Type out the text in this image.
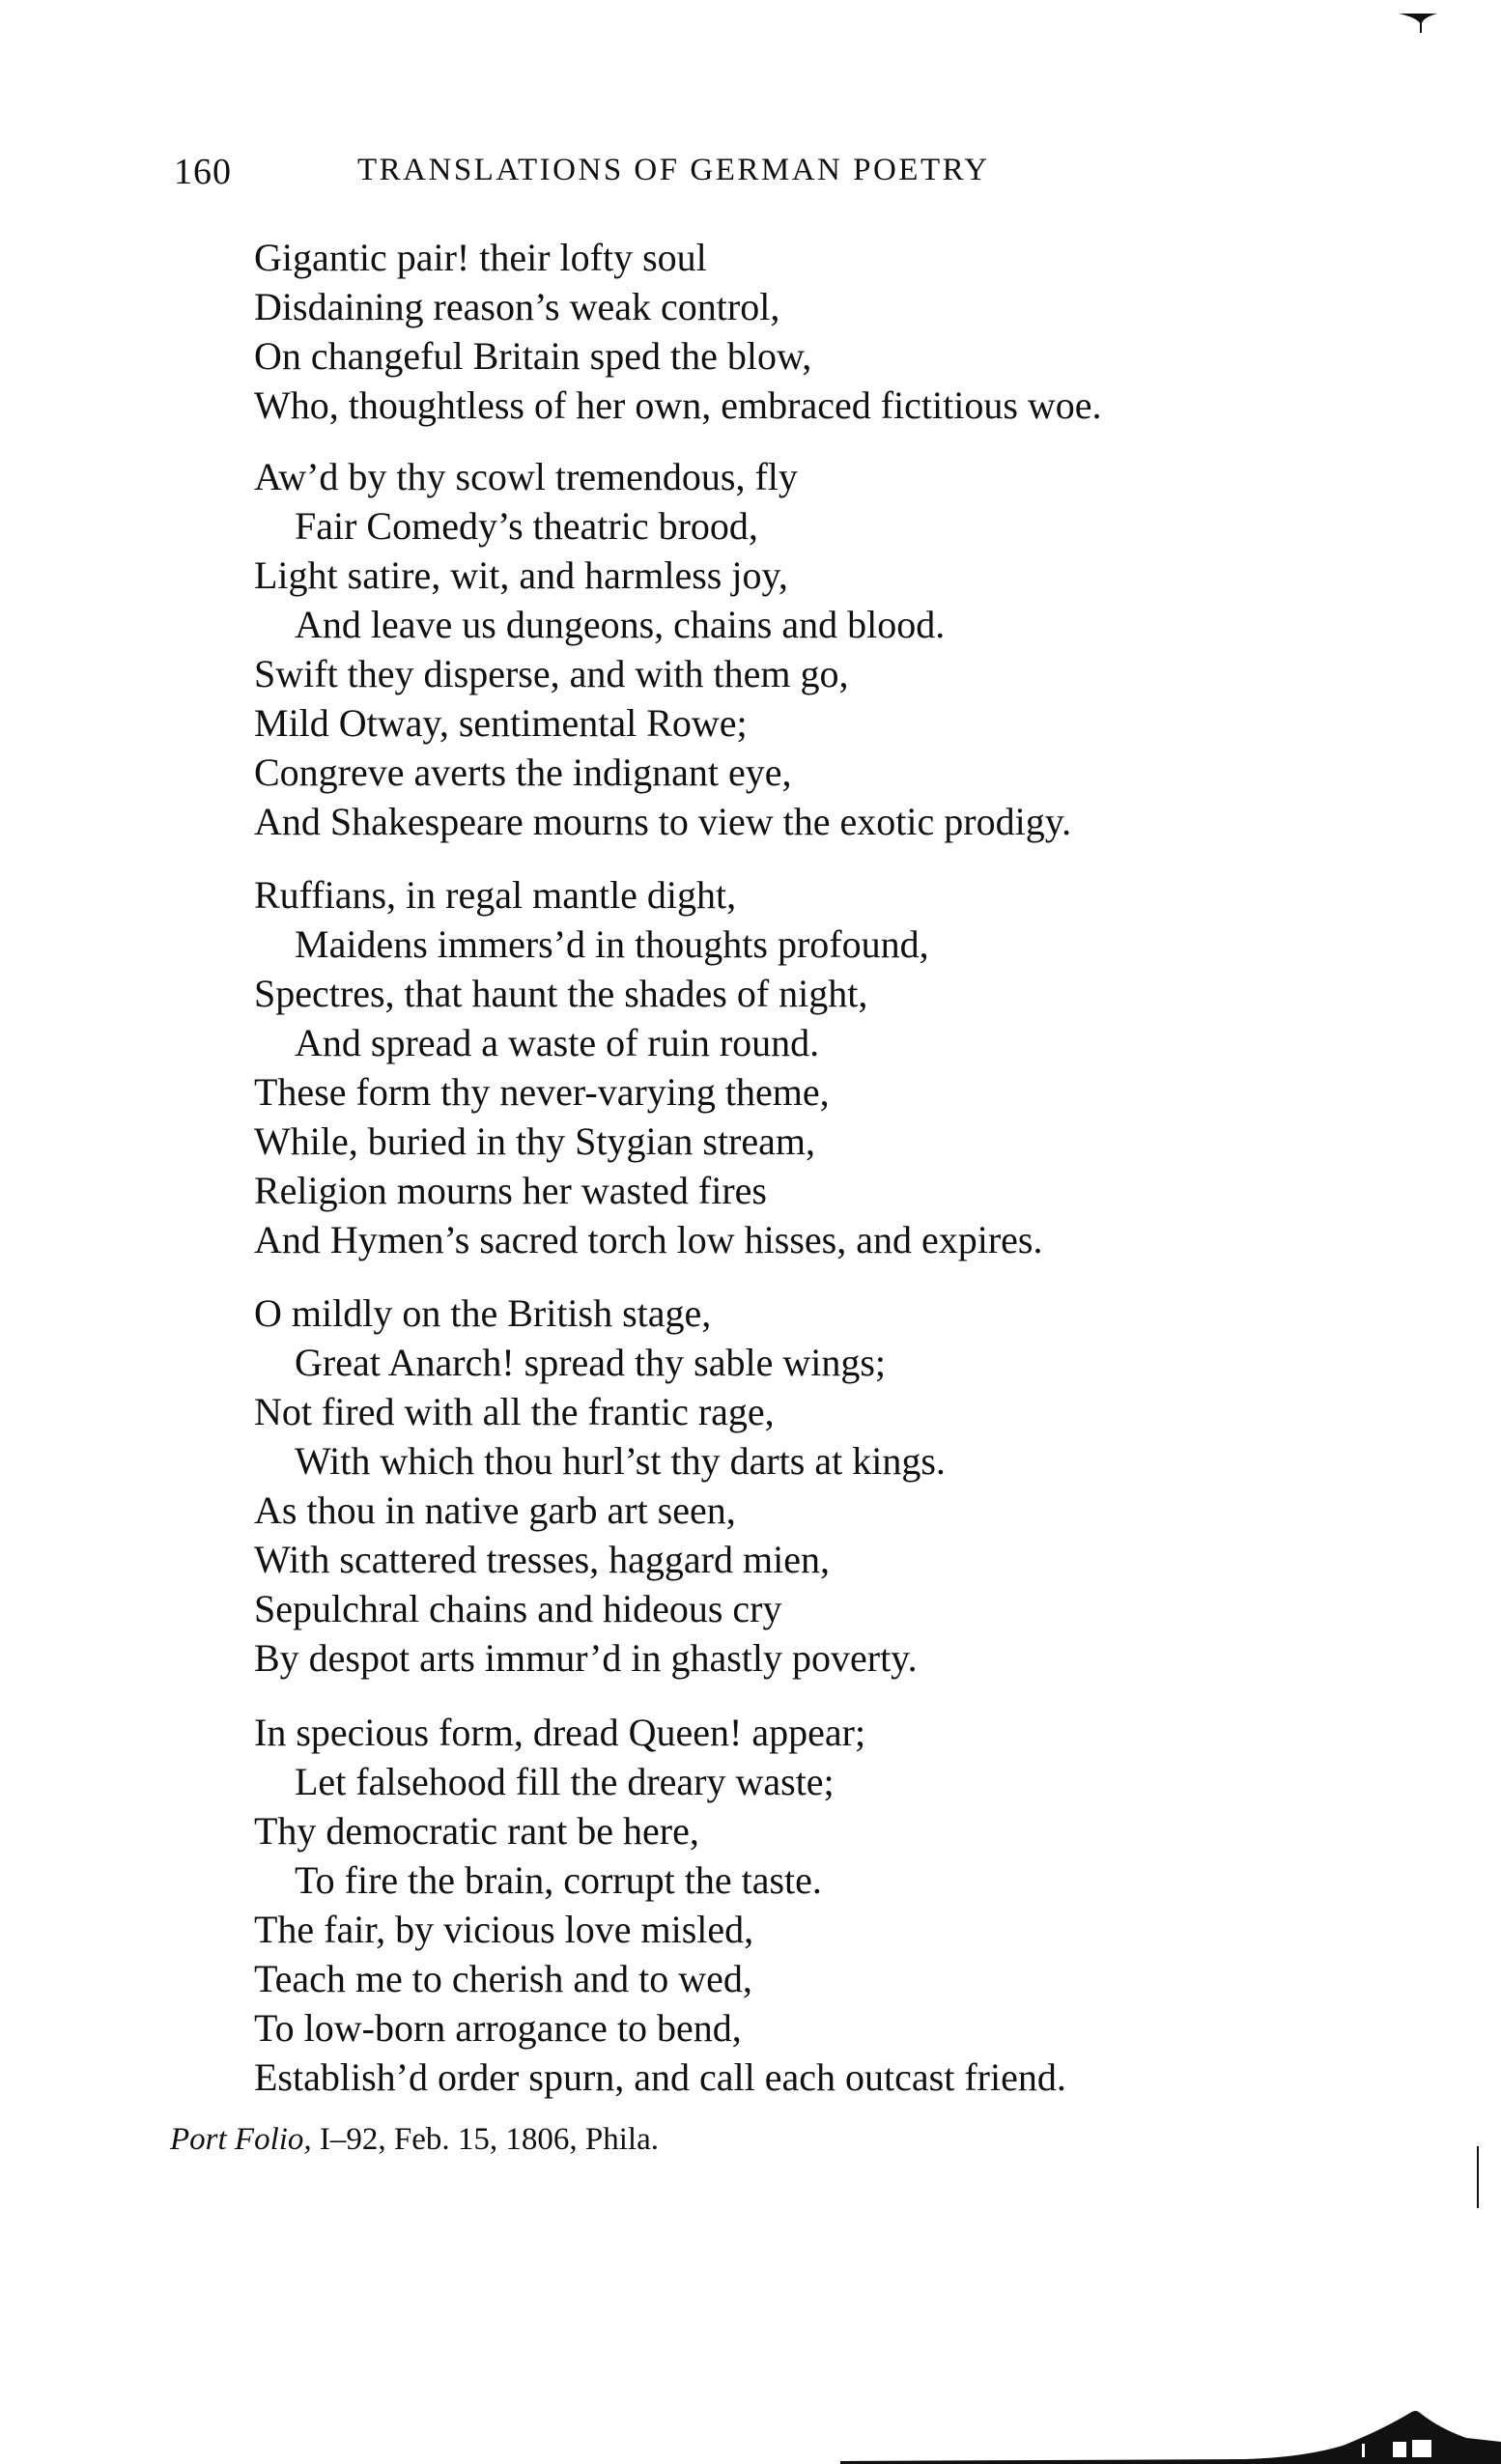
160	TRANSLATIONS OF GERMAN POETRY
Gigantic pair! their lofty soul
Disdaining reason’s weak control,
On changeful Britain sped the blow,
Who, thoughtless of her own, embraced fictitious woe.
Aw’d by thy scowl tremendous, fly
Fair Comedy’s theatric brood,
Light satire, wit, and harmless joy,
And leave us dungeons, chains and blood.
Swift they disperse, and with them go,
Mild Otway, sentimental Rowe;
Congreve averts the indignant eye,
And Shakespeare mourns to view the exotic prodigy.
Ruffians, in regal mantle dight,
Maidens immers’d in thoughts profound,
Spectres, that haunt the shades of night,
And spread a waste of ruin round.
These form thy never-varying theme,
While, buried in thy Stygian stream,
Religion mourns her wasted fires
And Hymen’s sacred torch low hisses, and expires.
O mildly on the British stage,
Great Anarch! spread thy sable wings;
Not fired with all the frantic rage,
With which thou hurl’st thy darts at kings.
As thou in native garb art seen,
With scattered tresses, haggard mien,
Sepulchral chains and hideous cry
By despot arts immur’d in ghastly poverty.
In specious form, dread Queen! appear;
Let falsehood fill the dreary waste;
Thy democratic rant be here,
To fire the brain, corrupt the taste.
The fair, by vicious love misled,
Teach me to cherish and to wed,
To low-born arrogance to bend,
Establish’d order spurn, and call each outcast friend.
Port Folio, I–92, Feb. 15, 1806, Phila.
